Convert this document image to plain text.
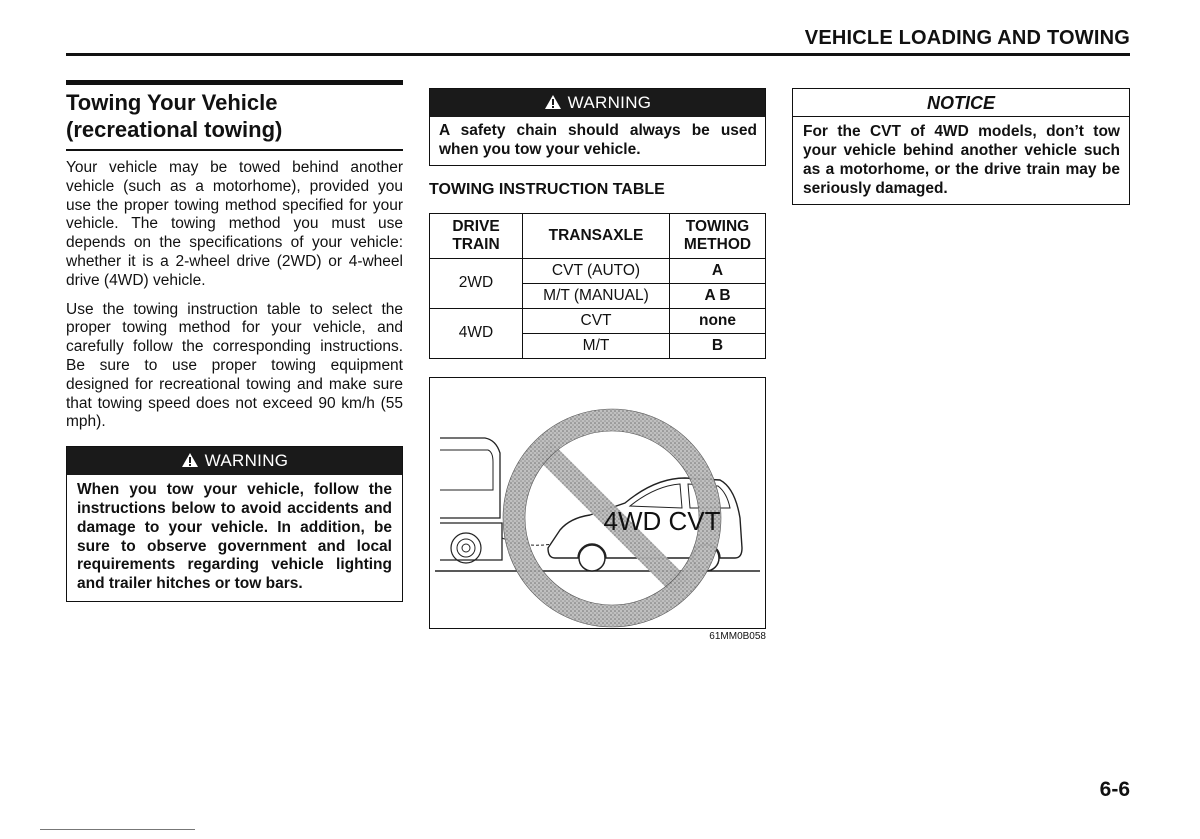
VEHICLE LOADING AND TOWING
Towing Your Vehicle
(recreational towing)

Your vehicle may be towed behind another vehicle (such as a motorhome), provided you use the proper towing method specified for your vehicle. The towing method you must use depends on the specifications of your vehicle: whether it is a 2-wheel drive (2WD) or 4-wheel drive (4WD) vehicle.

Use the towing instruction table to select the proper towing method for your vehicle, and carefully follow the corresponding instructions. Be sure to use proper towing equipment designed for recreational towing and make sure that towing speed does not exceed 90 km/h (55 mph).

WARNING
When you tow your vehicle, follow the instructions below to avoid accidents and damage to your vehicle. In addition, be sure to observe government and local requirements regarding vehicle lighting and trailer hitches or tow bars.
WARNING
A safety chain should always be used when you tow your vehicle.
TOWING INSTRUCTION TABLE
DRIVE TRAIN	TRANSAXLE	TOWING METHOD
2WD	CVT (AUTO)	A
	M/T (MANUAL)	A B
4WD	CVT	none
	M/T	B
4WD CVT
61MM0B058
NOTICE
For the CVT of 4WD models, don’t tow your vehicle behind another vehicle such as a motorhome, or the drive train may be seriously damaged.
6-6
